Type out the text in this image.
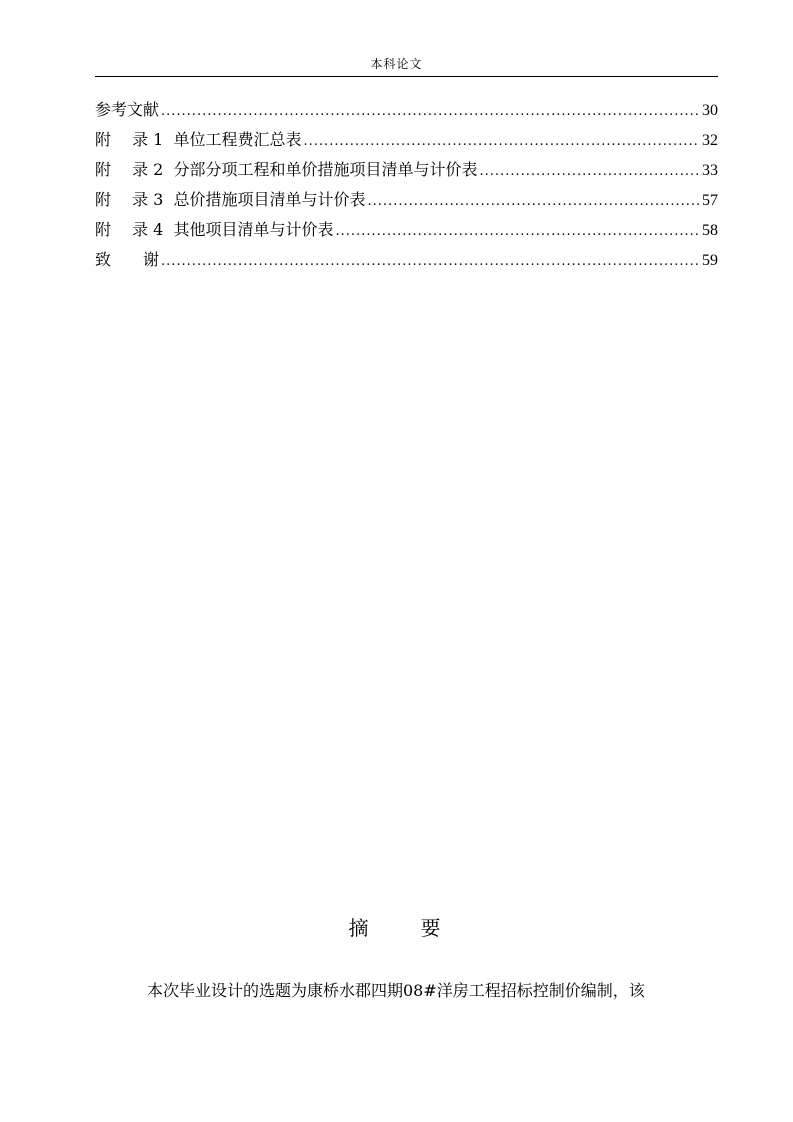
本科论文
参考文献 .....	30
附　 录 1  单位工程费汇总表 .....	32
附　 录 2  分部分项工程和单价措施项目清单与计价表 .....	33
附　 录 3  总价措施项目清单与计价表 .....	57
附　 录 4  其他项目清单与计价表 .....	58
致　　谢 .....	59
摘　　要
本次毕业设计的选题为康桥水郡四期08#洋房工程招标控制价编制，该
